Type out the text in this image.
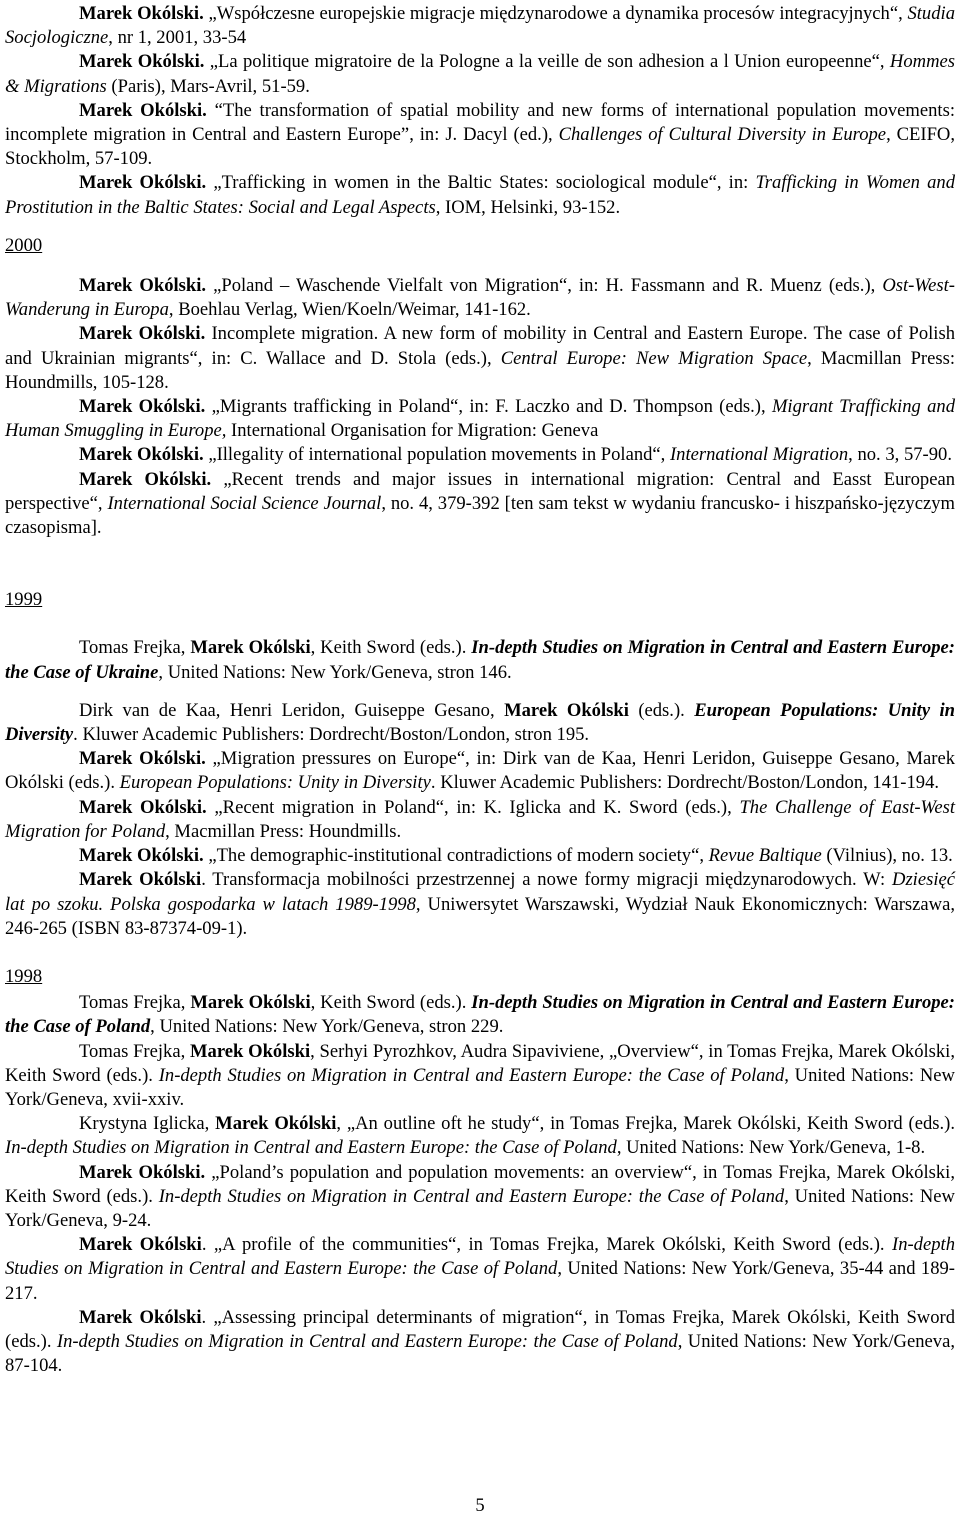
Marek Okólski. „Współczesne europejskie migracje międzynarodowe a dynamika procesów integracyjnych“, Studia Socjologiczne, nr 1, 2001, 33-54

Marek Okólski. „La politique migratoire de la Pologne a la veille de son adhesion a l Union europeenne“, Hommes & Migrations (Paris), Mars-Avril, 51-59.

Marek Okólski. “The transformation of spatial mobility and new forms of international population movements: incomplete migration in Central and Eastern Europe”, in: J. Dacyl (ed.), Challenges of Cultural Diversity in Europe, CEIFO, Stockholm, 57-109.

Marek Okólski. „Trafficking in women in the Baltic States: sociological module“, in: Trafficking in Women and Prostitution in the Baltic States: Social and Legal Aspects, IOM, Helsinki, 93-152.

2000

Marek Okólski. „Poland – Waschende Vielfalt von Migration“, in: H. Fassmann and R. Muenz (eds.), Ost-West-Wanderung in Europa, Boehlau Verlag, Wien/Koeln/Weimar, 141-162.

Marek Okólski. Incomplete migration. A new form of mobility in Central and Eastern Europe. The case of Polish and Ukrainian migrants“, in: C. Wallace and D. Stola (eds.), Central Europe: New Migration Space, Macmillan Press: Houndmills, 105-128.

Marek Okólski. „Migrants trafficking in Poland“, in: F. Laczko and D. Thompson (eds.), Migrant Trafficking and Human Smuggling in Europe, International Organisation for Migration: Geneva

Marek Okólski. „Illegality of international population movements in Poland“, International Migration, no. 3, 57-90.

Marek Okólski. „Recent trends and major issues in international migration: Central and Easst European perspective“, International Social Science Journal, no. 4, 379-392 [ten sam tekst w wydaniu francusko- i hiszpańsko-języczym czasopisma].

1999

Tomas Frejka, Marek Okólski, Keith Sword (eds.). In-depth Studies on Migration in Central and Eastern Europe: the Case of Ukraine, United Nations: New York/Geneva, stron 146.

Dirk van de Kaa, Henri Leridon, Guiseppe Gesano, Marek Okólski (eds.). European Populations: Unity in Diversity. Kluwer Academic Publishers: Dordrecht/Boston/London, stron 195.

Marek Okólski. „Migration pressures on Europe“, in: Dirk van de Kaa, Henri Leridon, Guiseppe Gesano, Marek Okólski (eds.). European Populations: Unity in Diversity. Kluwer Academic Publishers: Dordrecht/Boston/London, 141-194.

Marek Okólski. „Recent migration in Poland“, in: K. Iglicka and K. Sword (eds.), The Challenge of East-West Migration for Poland, Macmillan Press: Houndmills.

Marek Okólski. „The demographic-institutional contradictions of modern society“, Revue Baltique (Vilnius), no. 13.

Marek Okólski. Transformacja mobilności przestrzennej a nowe formy migracji międzynarodowych. W: Dziesięć lat po szoku. Polska gospodarka w latach 1989-1998, Uniwersytet Warszawski, Wydział Nauk Ekonomicznych: Warszawa, 246-265 (ISBN 83-87374-09-1).

1998

Tomas Frejka, Marek Okólski, Keith Sword (eds.). In-depth Studies on Migration in Central and Eastern Europe: the Case of Poland, United Nations: New York/Geneva, stron 229.

Tomas Frejka, Marek Okólski, Serhyi Pyrozhkov, Audra Sipaviviene, „Overview“, in Tomas Frejka, Marek Okólski, Keith Sword (eds.). In-depth Studies on Migration in Central and Eastern Europe: the Case of Poland, United Nations: New York/Geneva, xvii-xxiv.

Krystyna Iglicka, Marek Okólski, „An outline oft he study“, in Tomas Frejka, Marek Okólski, Keith Sword (eds.). In-depth Studies on Migration in Central and Eastern Europe: the Case of Poland, United Nations: New York/Geneva, 1-8.

Marek Okólski. „Poland’s population and population movements: an overview“, in Tomas Frejka, Marek Okólski, Keith Sword (eds.). In-depth Studies on Migration in Central and Eastern Europe: the Case of Poland, United Nations: New York/Geneva, 9-24.

Marek Okólski. „A profile of the communities“, in Tomas Frejka, Marek Okólski, Keith Sword (eds.). In-depth Studies on Migration in Central and Eastern Europe: the Case of Poland, United Nations: New York/Geneva, 35-44 and 189-217.

Marek Okólski. „Assessing principal determinants of migration“, in Tomas Frejka, Marek Okólski, Keith Sword (eds.). In-depth Studies on Migration in Central and Eastern Europe: the Case of Poland, United Nations: New York/Geneva, 87-104.

5
